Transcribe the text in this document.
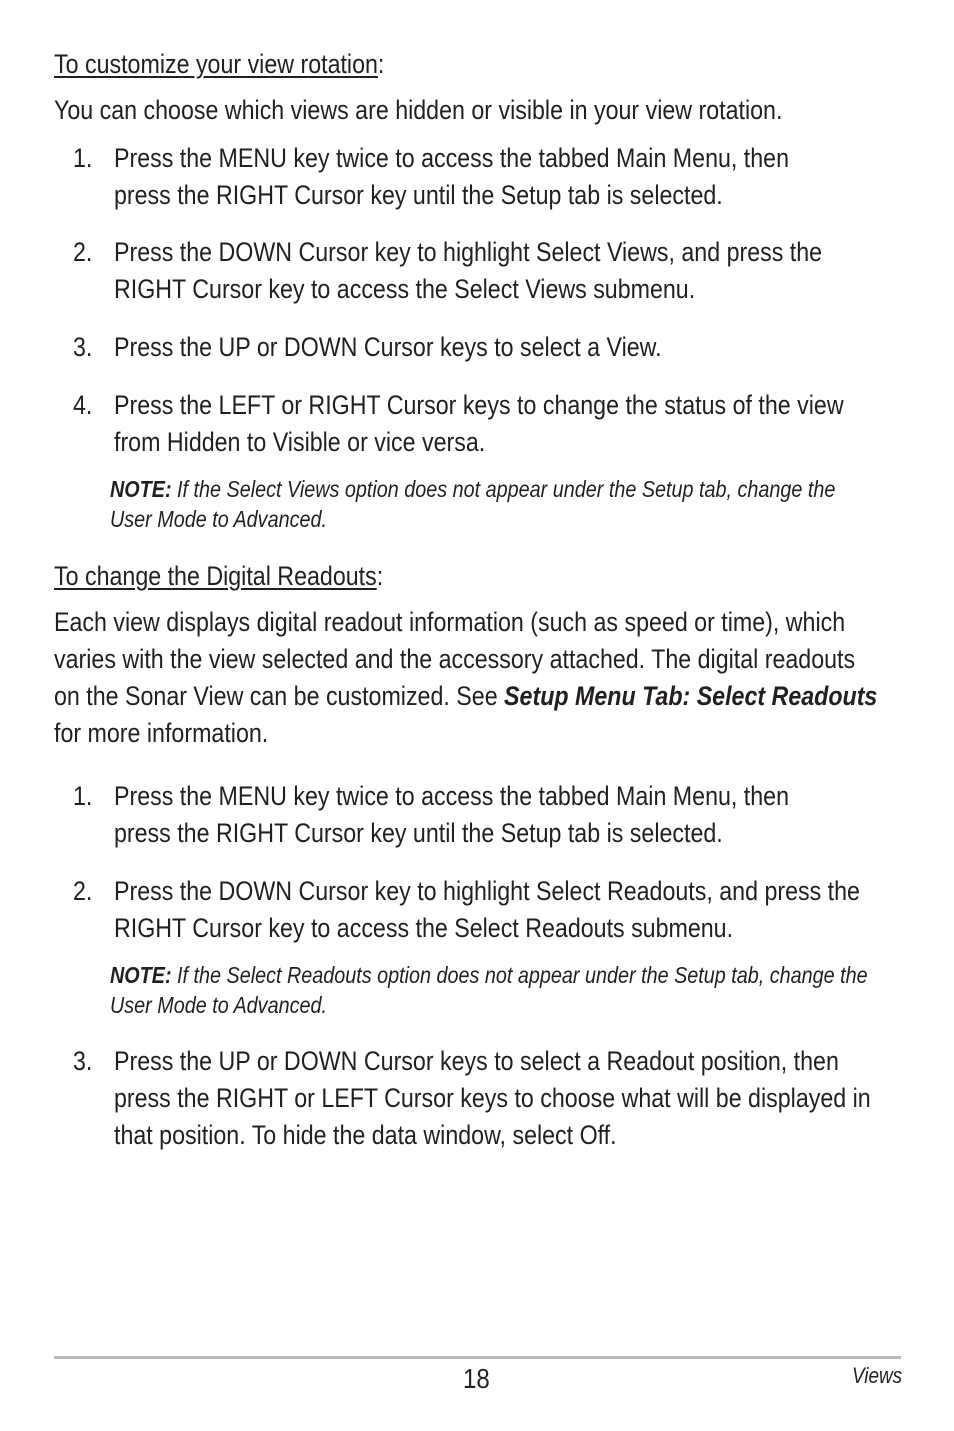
To customize your view rotation:
You can choose which views are hidden or visible in your view rotation.
1. Press the MENU key twice to access the tabbed Main Menu, then
press the RIGHT Cursor key until the Setup tab is selected.
2. Press the DOWN Cursor key to highlight Select Views, and press the
RIGHT Cursor key to access the Select Views submenu.
3. Press the UP or DOWN Cursor keys to select a View.
4. Press the LEFT or RIGHT Cursor keys to change the status of the view
from Hidden to Visible or vice versa.
NOTE: If the Select Views option does not appear under the Setup tab, change the
User Mode to Advanced.
To change the Digital Readouts:
Each view displays digital readout information (such as speed or time), which
varies with the view selected and the accessory attached. The digital readouts
on the Sonar View can be customized. See Setup Menu Tab: Select Readouts
for more information.
1. Press the MENU key twice to access the tabbed Main Menu, then
press the RIGHT Cursor key until the Setup tab is selected.
2. Press the DOWN Cursor key to highlight Select Readouts, and press the
RIGHT Cursor key to access the Select Readouts submenu.
NOTE: If the Select Readouts option does not appear under the Setup tab, change the
User Mode to Advanced.
3. Press the UP or DOWN Cursor keys to select a Readout position, then
press the RIGHT or LEFT Cursor keys to choose what will be displayed in
that position. To hide the data window, select Off.
18	Views
